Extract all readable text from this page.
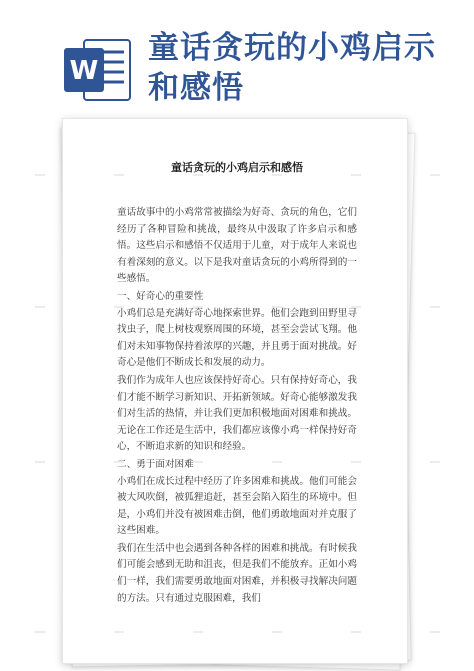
W
童话贪玩的小鸡启示和感悟
童话贪玩的小鸡启示和感悟

童话故事中的小鸡常常被描绘为好奇、贪玩的角色，它们经历了各种冒险和挑战，最终从中汲取了许多启示和感悟。这些启示和感悟不仅适用于儿童，对于成年人来说也有着深刻的意义。以下是我对童话贪玩的小鸡所得到的一些感悟。

一、好奇心的重要性

小鸡们总是充满好奇心地探索世界。他们会跑到田野里寻找虫子，爬上树枝观察周围的环境，甚至会尝试飞翔。他们对未知事物保持着浓厚的兴趣，并且勇于面对挑战。好奇心是他们不断成长和发展的动力。

我们作为成年人也应该保持好奇心。只有保持好奇心，我们才能不断学习新知识、开拓新领域。好奇心能够激发我们对生活的热情，并让我们更加积极地面对困难和挑战。无论在工作还是生活中，我们都应该像小鸡一样保持好奇心，不断追求新的知识和经验。

二、勇于面对困难

小鸡们在成长过程中经历了许多困难和挑战。他们可能会被大风吹倒，被狐狸追赶，甚至会陷入陌生的环境中。但是，小鸡们并没有被困难击倒，他们勇敢地面对并克服了这些困难。

我们在生活中也会遇到各种各样的困难和挑战。有时候我们可能会感到无助和沮丧，但是我们不能放弃。正如小鸡们一样，我们需要勇敢地面对困难，并积极寻找解决问题的方法。只有通过克服困难，我们
